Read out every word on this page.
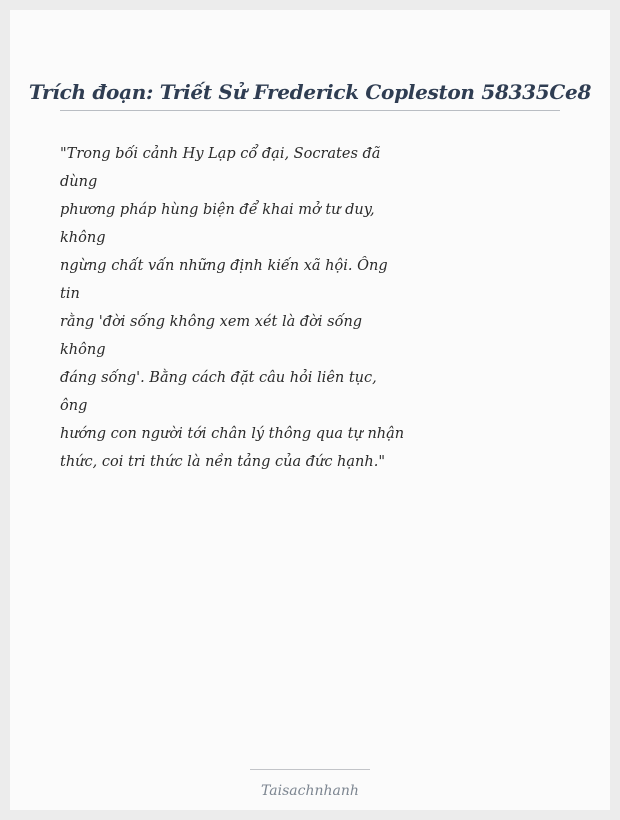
Trích đoạn: Triết Sử Frederick Copleston 58335Ce8
"Trong bối cảnh Hy Lạp cổ đại, Socrates đã
dùng
phương pháp hùng biện để khai mở tư duy,
không
ngừng chất vấn những định kiến xã hội. Ông
tin
rằng 'đời sống không xem xét là đời sống
không
đáng sống'. Bằng cách đặt câu hỏi liên tục,
ông
hướng con người tới chân lý thông qua tự nhận
thức, coi tri thức là nền tảng của đức hạnh."
Taisachnhanh
